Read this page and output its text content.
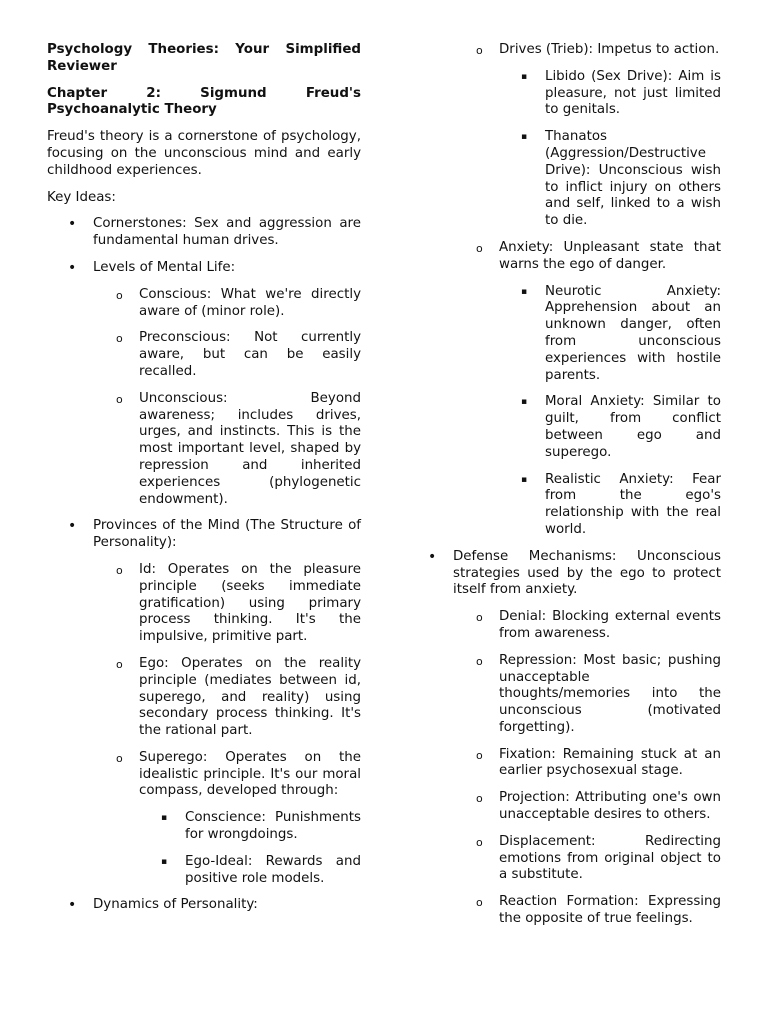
Psychology Theories: Your Simplified Reviewer

Chapter 2: Sigmund Freud's Psychoanalytic Theory

Freud's theory is a cornerstone of psychology, focusing on the unconscious mind and early childhood experiences.

Key Ideas:

• Cornerstones: Sex and aggression are fundamental human drives.
• Levels of Mental Life:
o Conscious: What we're directly aware of (minor role).
o Preconscious: Not currently aware, but can be easily recalled.
o Unconscious: Beyond awareness; includes drives, urges, and instincts. This is the most important level, shaped by repression and inherited experiences (phylogenetic endowment).
• Provinces of the Mind (The Structure of Personality):
o Id: Operates on the pleasure principle (seeks immediate gratification) using primary process thinking. It's the impulsive, primitive part.
o Ego: Operates on the reality principle (mediates between id, superego, and reality) using secondary process thinking. It's the rational part.
o Superego: Operates on the idealistic principle. It's our moral compass, developed through:
▪ Conscience: Punishments for wrongdoings.
▪ Ego-Ideal: Rewards and positive role models.
• Dynamics of Personality:
o Drives (Trieb): Impetus to action.
▪ Libido (Sex Drive): Aim is pleasure, not just limited to genitals.
▪ Thanatos (Aggression/Destructive Drive): Unconscious wish to inflict injury on others and self, linked to a wish to die.
o Anxiety: Unpleasant state that warns the ego of danger.
▪ Neurotic Anxiety: Apprehension about an unknown danger, often from unconscious experiences with hostile parents.
▪ Moral Anxiety: Similar to guilt, from conflict between ego and superego.
▪ Realistic Anxiety: Fear from the ego's relationship with the real world.
• Defense Mechanisms: Unconscious strategies used by the ego to protect itself from anxiety.
o Denial: Blocking external events from awareness.
o Repression: Most basic; pushing unacceptable thoughts/memories into the unconscious (motivated forgetting).
o Fixation: Remaining stuck at an earlier psychosexual stage.
o Projection: Attributing one's own unacceptable desires to others.
o Displacement: Redirecting emotions from original object to a substitute.
o Reaction Formation: Expressing the opposite of true feelings.
